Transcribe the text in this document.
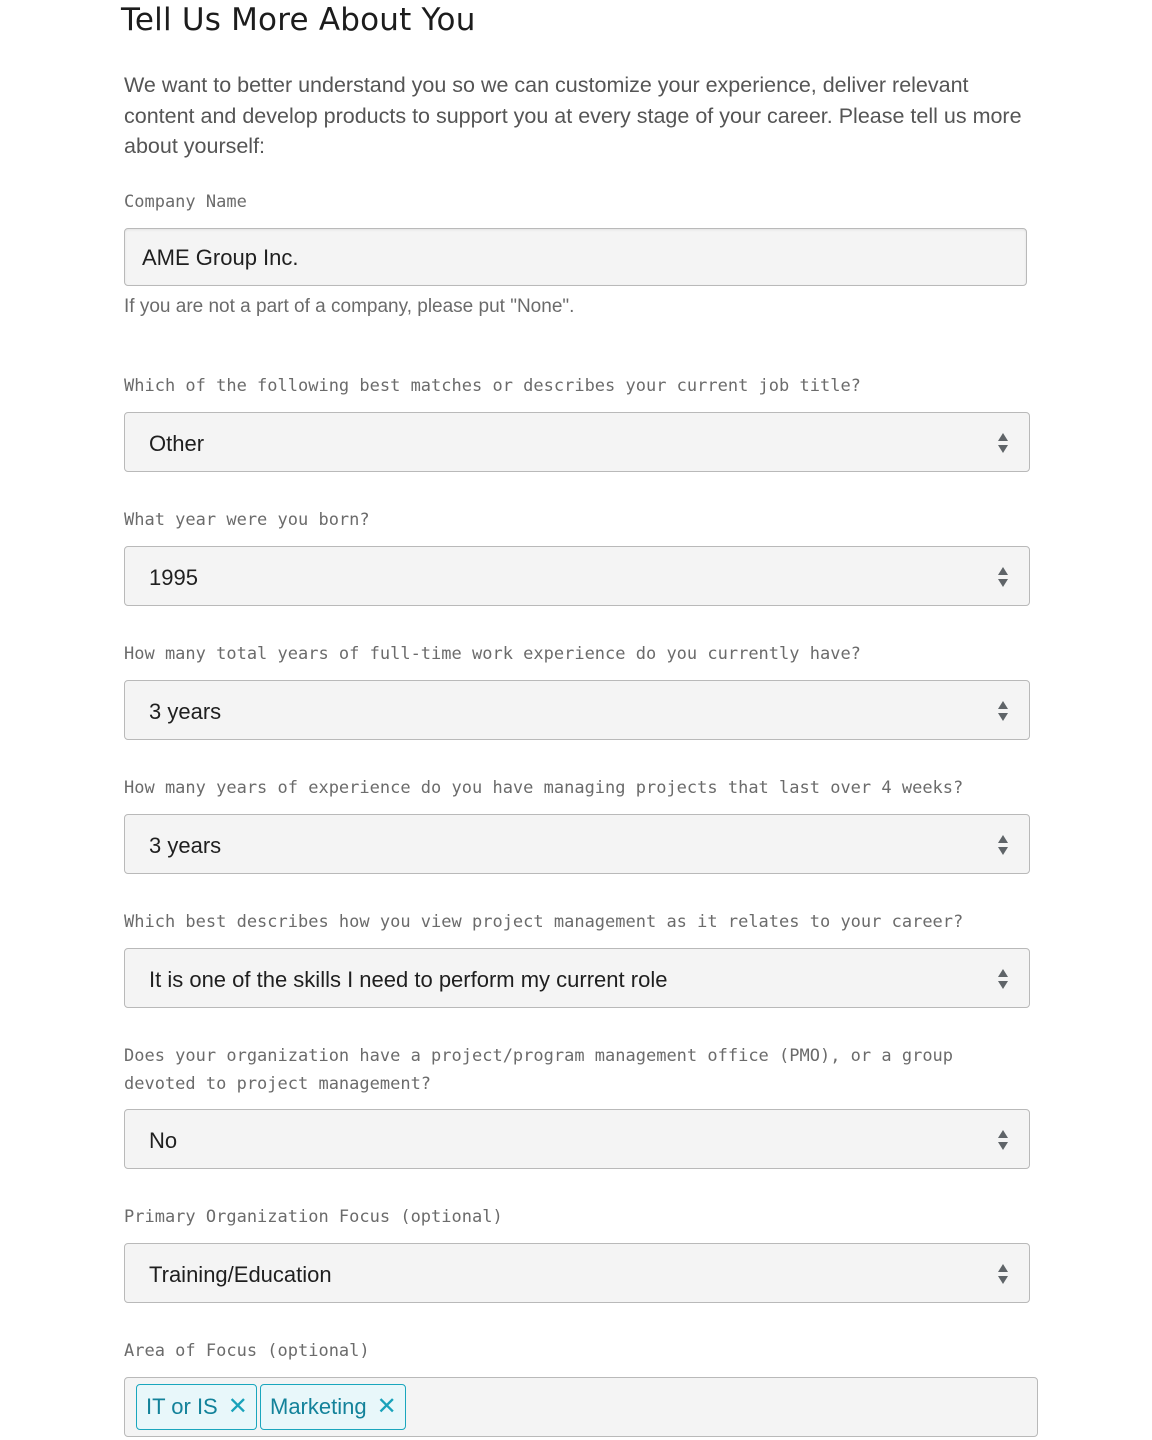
Tell Us More About You

We want to better understand you so we can customize your experience, deliver relevant content and develop products to support you at every stage of your career. Please tell us more about yourself:

Company Name

AME Group Inc.

If you are not a part of a company, please put "None".

Which of the following best matches or describes your current job title?

Other

What year were you born?

1995

How many total years of full-time work experience do you currently have?

3 years

How many years of experience do you have managing projects that last over 4 weeks?

3 years

Which best describes how you view project management as it relates to your career?

It is one of the skills I need to perform my current role

Does your organization have a project/program management office (PMO), or a group devoted to project management?

No

Primary Organization Focus (optional)

Training/Education

Area of Focus (optional)

IT or IS ✕	Marketing ✕
